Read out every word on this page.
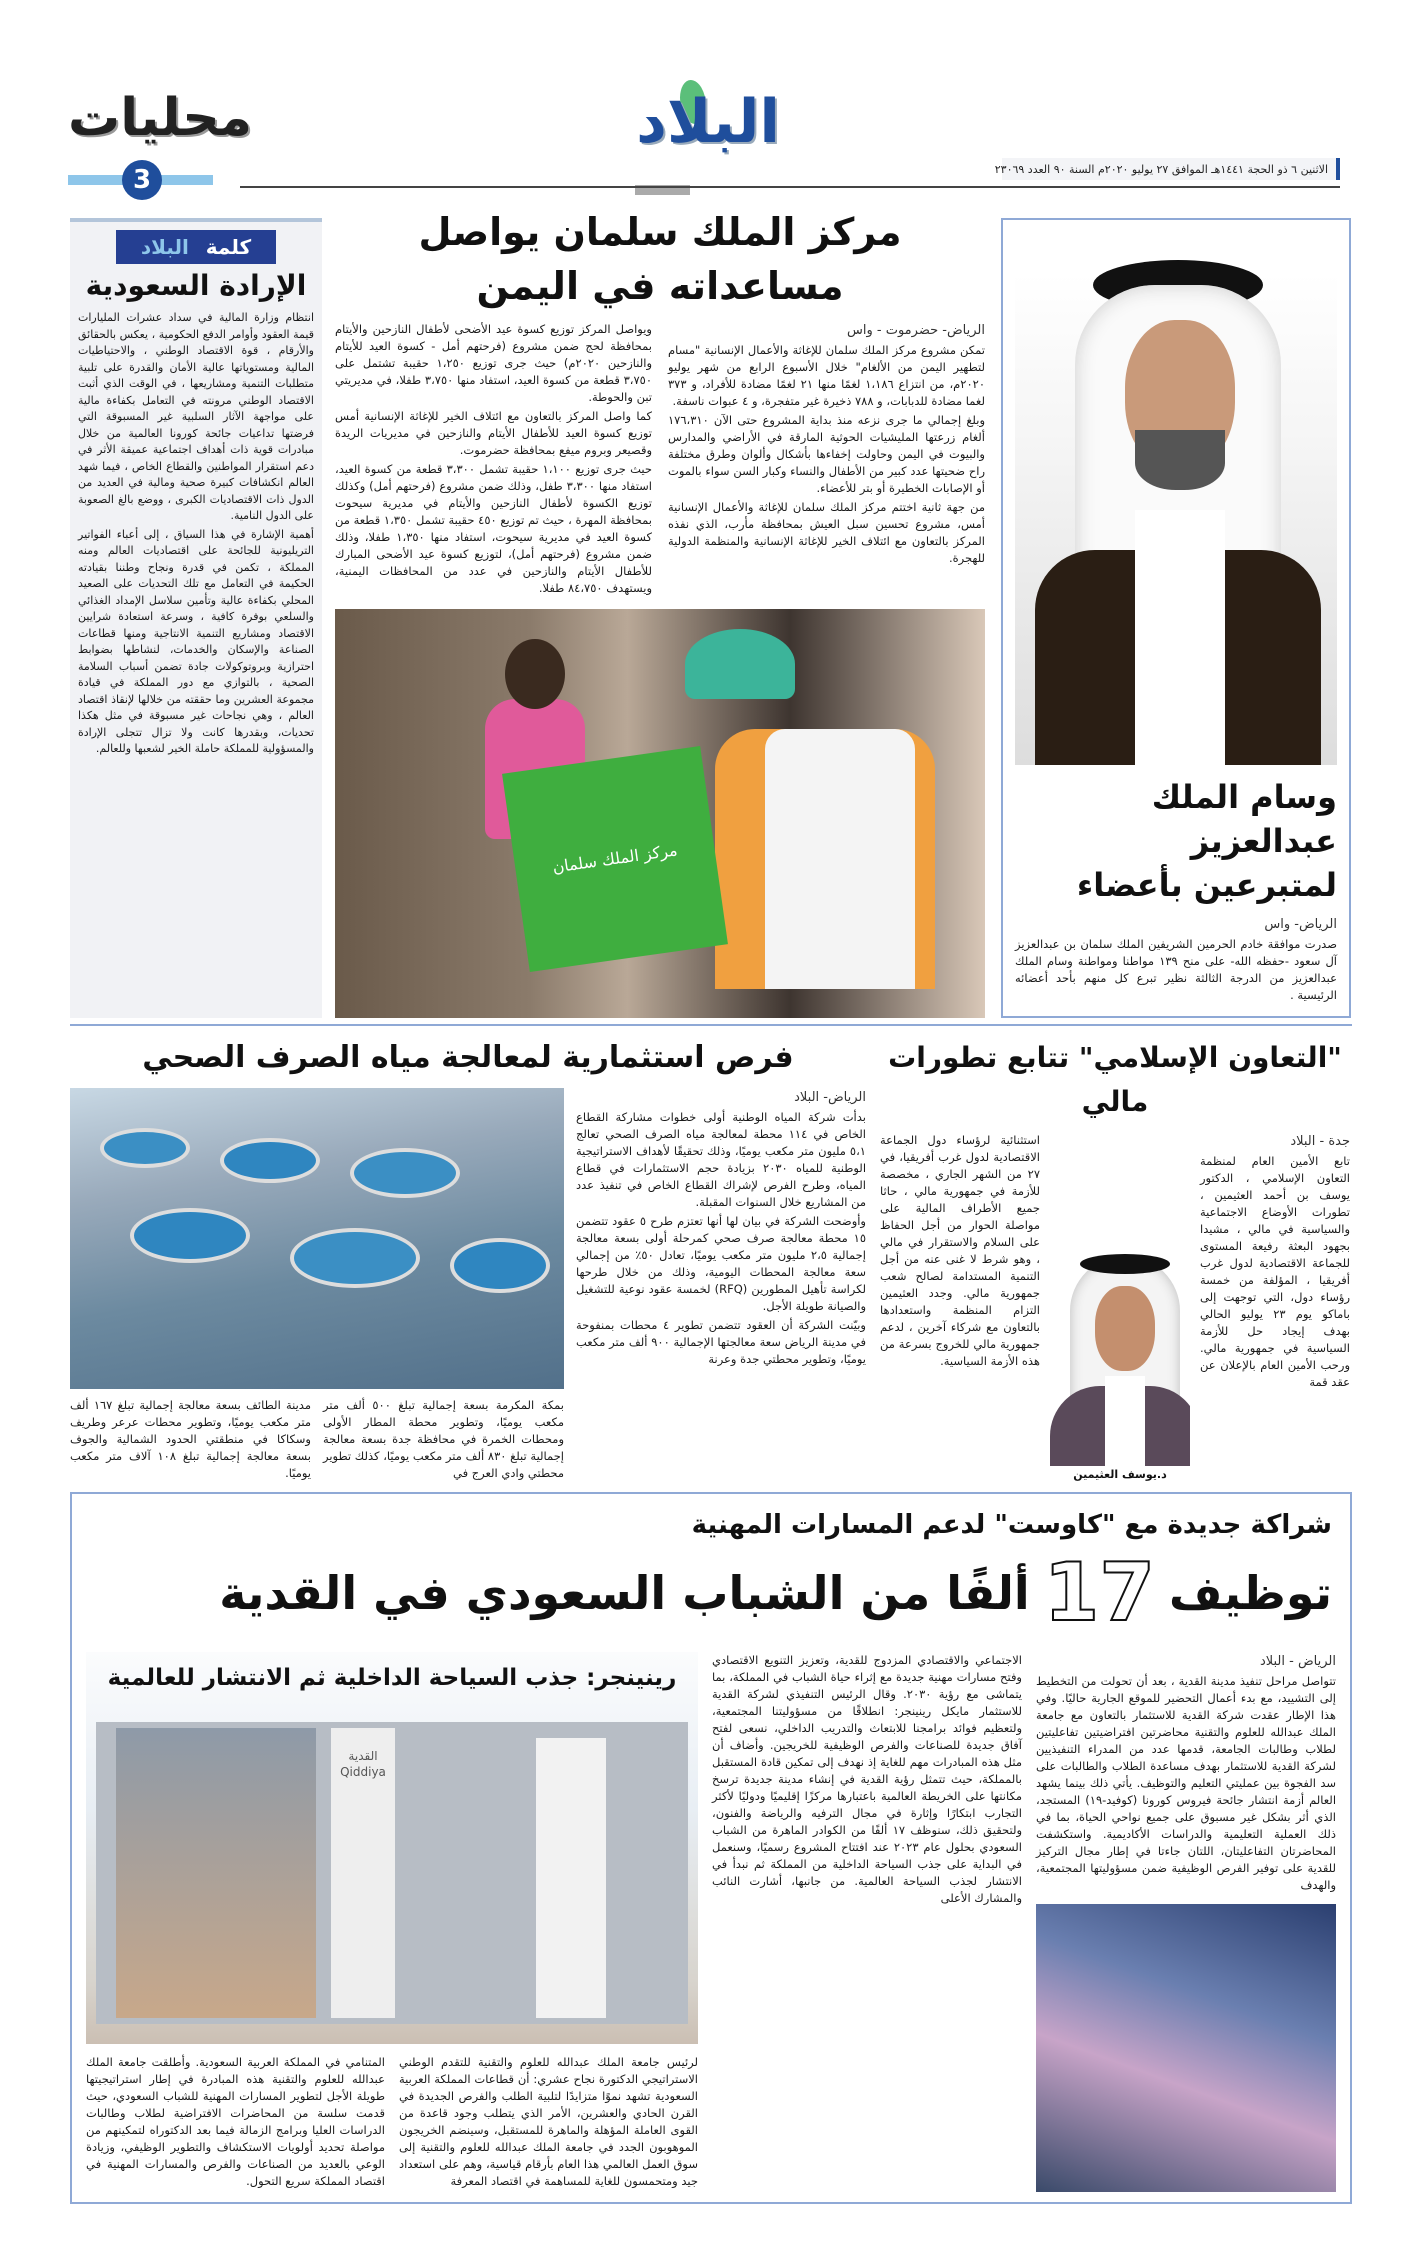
البلاد
محليات
3	الاثنين ٦ ذو الحجة ١٤٤١هـ الموافق ٢٧ يوليو ٢٠٢٠م السنة ٩٠ العدد ٢٣٠٦٩
كلمة البلاد
الإرادة السعودية

انتظام وزارة المالية في سداد عشرات المليارات قيمة العقود وأوامر الدفع الحكومية ، يعكس بالحقائق والأرقام ، قوة الاقتصاد الوطني ، والاحتياطيات المالية ومستوياتها عالية الأمان والقدرة على تلبية متطلبات التنمية ومشاريعها ، في الوقت الذي أثبت الاقتصاد الوطني مرونته في التعامل بكفاءة مالية على مواجهة الآثار السلبية غير المسبوقة التي فرضتها تداعيات جائحة كورونا العالمية من خلال مبادرات قوية ذات أهداف اجتماعية عميقة الأثر في دعم استقرار المواطنين والقطاع الخاص ، فيما شهد العالم انكشافات كبيرة صحية ومالية في العديد من الدول ذات الاقتصاديات الكبرى ، ووضع بالغ الصعوبة على الدول النامية.

أهمية الإشارة في هذا السياق ، إلى أعباء الفواتير التريليونية للجائحة على اقتصاديات العالم ومنه المملكة ، تكمن في قدرة ونجاح وطننا بقيادته الحكيمة في التعامل مع تلك التحديات على الصعيد المحلي بكفاءة عالية وتأمين سلاسل الإمداد الغذائي والسلعي بوفرة كافية ، وسرعة استعادة شرايين الاقتصاد ومشاريع التنمية الانتاجية ومنها قطاعات الصناعة والإسكان والخدمات، لنشاطها بضوابط احترازية وبروتوكولات جادة تضمن أسباب السلامة الصحية ، بالتوازي مع دور المملكة في قيادة مجموعة العشرين وما حققته من خلالها لإنقاذ اقتصاد العالم ، وهي نجاحات غير مسبوقة في مثل هكذا تحديات، وبقدرها كانت ولا تزال تتجلى الإرادة والمسؤولية للمملكة حاملة الخير لشعبها وللعالم.

مركز الملك سلمان يواصل مساعداته في اليمن
الرياض- حضرموت - واس

تمكن مشروع مركز الملك سلمان للإغاثة والأعمال الإنسانية "مسام لتطهير اليمن من الألغام" خلال الأسبوع الرابع من شهر يوليو ٢٠٢٠م، من انتزاع ١،١٨٦ لغمًا منها ٢١ لغمًا مضادة للأفراد، و ٣٧٣ لغما مضادة للدبابات، و ٧٨٨ ذخيرة غير متفجرة، و ٤ عبوات ناسفة.

وبلغ إجمالي ما جرى نزعه منذ بداية المشروع حتى الآن ١٧٦،٣١٠ ألغام زرعتها المليشيات الحوثية المارقة في الأراضي والمدارس والبيوت في اليمن وحاولت إخفاءها بأشكال وألوان وطرق مختلفة راح ضحيتها عدد كبير من الأطفال والنساء وكبار السن سواء بالموت أو الإصابات الخطيرة أو بتر للأعضاء.

من جهة ثانية اختتم مركز الملك سلمان للإغاثة والأعمال الإنسانية أمس، مشروع تحسين سبل العيش بمحافظة مأرب، الذي نفذه المركز بالتعاون مع ائتلاف الخير للإغاثة الإنسانية والمنظمة الدولية للهجرة.

ويواصل المركز توزيع كسوة عيد الأضحى لأطفال النازحين والأيتام بمحافظة لحج ضمن مشروع (فرحتهم أمل - كسوة العيد للأيتام والنازحين ٢٠٢٠م) حيث جرى توزيع ١،٢٥٠ حقيبة تشتمل على ٣،٧٥٠ قطعة من كسوة العيد، استفاد منها ٣،٧٥٠ طفلا، في مديريتي تبن والحوطة.

كما واصل المركز بالتعاون مع ائتلاف الخير للإغاثة الإنسانية أمس توزيع كسوة العيد للأطفال الأيتام والنازحين في مديريات الريدة وقصيعر وبروم ميفع بمحافظة حضرموت.

حيث جرى توزيع ١،١٠٠ حقيبة تشمل ٣،٣٠٠ قطعة من كسوة العيد، استفاد منها ٣،٣٠٠ طفل، وذلك ضمن مشروع (فرحتهم أمل) وكذلك توزيع الكسوة لأطفال النازحين والأيتام في مديرية سيحوت بمحافظة المهرة ، حيث تم توزيع ٤٥٠ حقيبة تشمل ١،٣٥٠ قطعة من كسوة العيد في مديرية سيحوت، استفاد منها ١،٣٥٠ طفلا، وذلك ضمن مشروع (فرحتهم أمل)، لتوزيع كسوة عيد الأضحى المبارك للأطفال الأيتام والنازحين في عدد من المحافظات اليمنية، ويستهدف ٨٤،٧٥٠ طفلا.

مركز الملك سلمان
وسام الملك عبدالعزيز
لمتبرعين بأعضاء
الرياض- واس

صدرت موافقة خادم الحرمين الشريفين الملك سلمان بن عبدالعزيز آل سعود -حفظه الله- على منح ١٣٩ مواطنا ومواطنة وسام الملك عبدالعزيز من الدرجة الثالثة نظير تبرع كل منهم بأحد أعضائه الرئيسية .

"التعاون الإسلامي" تتابع تطورات مالي
جدة - البلاد

تابع الأمين العام لمنظمة التعاون الإسلامي ، الدكتور يوسف بن أحمد العثيمين ، تطورات الأوضاع الاجتماعية والسياسية في مالي ، مشيدا بجهود البعثة رفيعة المستوى للجماعة الاقتصادية لدول غرب أفريقيا ، المؤلفة من خمسة رؤساء دول، التي توجهت إلى باماكو يوم ٢٣ يوليو الحالي بهدف إيجاد حل للأزمة السياسية في جمهورية مالي. ورحب الأمين العام بالإعلان عن عقد قمة

د.يوسف العثيمين

استثنائية لرؤساء دول الجماعة الاقتصادية لدول غرب أفريقيا، في ٢٧ من الشهر الجاري ، مخصصة للأزمة في جمهورية مالي ، حاثا جميع الأطراف المالية على مواصلة الحوار من أجل الحفاظ على السلام والاستقرار في مالي ، وهو شرط لا غنى عنه من أجل التنمية المستدامة لصالح شعب جمهورية مالي. وجدد العثيمين التزام المنظمة واستعدادها بالتعاون مع شركاء آخرين ، لدعم جمهورية مالي للخروج بسرعة من هذه الأزمة السياسية.

فرص استثمارية لمعالجة مياه الصرف الصحي
الرياض- البلاد

بدأت شركة المياه الوطنية أولى خطوات مشاركة القطاع الخاص في ١١٤ محطة لمعالجة مياه الصرف الصحي تعالج ٥،١ مليون متر مكعب يوميًا، وذلك تحقيقًا لأهداف الاستراتيجية الوطنية للمياه ٢٠٣٠ بزيادة حجم الاستثمارات في قطاع المياه، وطرح الفرص لإشراك القطاع الخاص في تنفيذ عدد من المشاريع خلال السنوات المقبلة.

وأوضحت الشركة في بيان لها أنها تعتزم طرح ٥ عقود تتضمن ١٥ محطة معالجة صرف صحي كمرحلة أولى بسعة معالجة إجمالية ٢،٥ مليون متر مكعب يوميًا، تعادل ٥٠٪ من إجمالي سعة معالجة المحطات اليومية، وذلك من خلال طرحها لكراسة تأهيل المطورين (RFQ) لخمسة عقود نوعية للتشغيل والصيانة طويلة الأجل.

وبيّنت الشركة أن العقود تتضمن تطوير ٤ محطات بمنفوحة في مدينة الرياض سعة معالجتها الإجمالية ٩٠٠ ألف متر مكعب يوميًا، وتطوير محطتي جدة وعرنة

بمكة المكرمة بسعة إجمالية تبلغ ٥٠٠ ألف متر مكعب يوميًا، وتطوير محطة المطار الأولى ومحطات الخمرة في محافظة جدة بسعة معالجة إجمالية تبلغ ٨٣٠ ألف متر مكعب يوميًا، كذلك تطوير محطتي وادي العرج في

مدينة الطائف بسعة معالجة إجمالية تبلغ ١٦٧ ألف متر مكعب يوميًا، وتطوير محطات عرعر وطريف وسكاكا في منطقتي الحدود الشمالية والجوف بسعة معالجة إجمالية تبلغ ١٠٨ آلاف متر مكعب يوميًا.

شراكة جديدة مع "كاوست" لدعم المسارات المهنية
توظيف
17
ألفًا من الشباب السعودي في القدية
الرياض - البلاد

تتواصل مراحل تنفيذ مدينة القدية ، بعد أن تحولت من التخطيط إلى التشييد، مع بدء أعمال التحضير للموقع الجارية حاليًا. وفي هذا الإطار عقدت شركة القدية للاستثمار بالتعاون مع جامعة الملك عبدالله للعلوم والتقنية محاضرتين افتراضيتين تفاعليتين لطلاب وطالبات الجامعة، قدمها عدد من المدراء التنفيذيين لشركة القدية للاستثمار بهدف مساعدة الطلاب والطالبات على سد الفجوة بين عمليتي التعليم والتوظيف. يأتي ذلك بينما يشهد العالم أزمة انتشار جائحة فيروس كورونا (كوفيد-١٩) المستجد، الذي أثر بشكل غير مسبوق على جميع نواحي الحياة، بما في ذلك العملية التعليمية والدراسات الأكاديمية. واستكشفت المحاضرتان التفاعليتان، اللتان جاءتا في إطار مجال التركيز للقدية على توفير الفرص الوظيفية ضمن مسؤوليتها المجتمعية، والهدف

الاجتماعي والاقتصادي المزدوج للقدية، وتعزيز التنويع الاقتصادي وفتح مسارات مهنية جديدة مع إثراء حياة الشباب في المملكة، بما يتماشى مع رؤية ٢٠٣٠. وقال الرئيس التنفيذي لشركة القدية للاستثمار مايكل رينينجر: انطلاقًا من مسؤوليتنا المجتمعية، ولتعظيم فوائد برامجنا للابتعاث والتدريب الداخلي، نسعى لفتح آفاق جديدة للصناعات والفرص الوظيفية للخريجين. وأضاف أن مثل هذه المبادرات مهم للغاية إذ نهدف إلى تمكين قادة المستقبل بالمملكة، حيث تتمثل رؤية القدية في إنشاء مدينة جديدة ترسخ مكانتها على الخريطة العالمية باعتبارها مركزًا إقليميًا ودوليًا لأكثر التجارب ابتكارًا وإثارة في مجال الترفيه والرياضة والفنون، ولتحقيق ذلك، سنوظف ١٧ ألفًا من الكوادر الماهرة من الشباب السعودي بحلول عام ٢٠٢٣ عند افتتاح المشروع رسميًا، وسنعمل في البداية على جذب السياحة الداخلية من المملكة ثم نبدأ في الانتشار لجذب السياحة العالمية. من جانبها، أشارت النائب والمشارك الأعلى

رينينجر: جذب السياحة الداخلية ثم الانتشار للعالمية
القدية
Qiddiya

لرئيس جامعة الملك عبدالله للعلوم والتقنية للتقدم الوطني الاستراتيجي الدكتورة نجاح عشري: أن قطاعات المملكة العربية السعودية تشهد نموًا متزايدًا لتلبية الطلب والفرص الجديدة في القرن الحادي والعشرين، الأمر الذي يتطلب وجود قاعدة من القوى العاملة المؤهلة والماهرة للمستقبل، وسينضم الخريجون الموهوبون الجدد في جامعة الملك عبدالله للعلوم والتقنية إلى سوق العمل العالمي هذا العام بأرقام قياسية، وهم على استعداد جيد ومتحمسون للغاية للمساهمة في اقتصاد المعرفة

المتنامي في المملكة العربية السعودية. وأطلقت جامعة الملك عبدالله للعلوم والتقنية هذه المبادرة في إطار استراتيجيتها طويلة الأجل لتطوير المسارات المهنية للشباب السعودي، حيث قدمت سلسة من المحاضرات الافتراضية لطلاب وطالبات الدراسات العليا وبرامج الزمالة فيما بعد الدكتوراه لتمكينهم من مواصلة تحديد أولويات الاستكشاف والتطوير الوظيفي، وزيادة الوعي بالعديد من الصناعات والفرص والمسارات المهنية في اقتصاد المملكة سريع التحول.
